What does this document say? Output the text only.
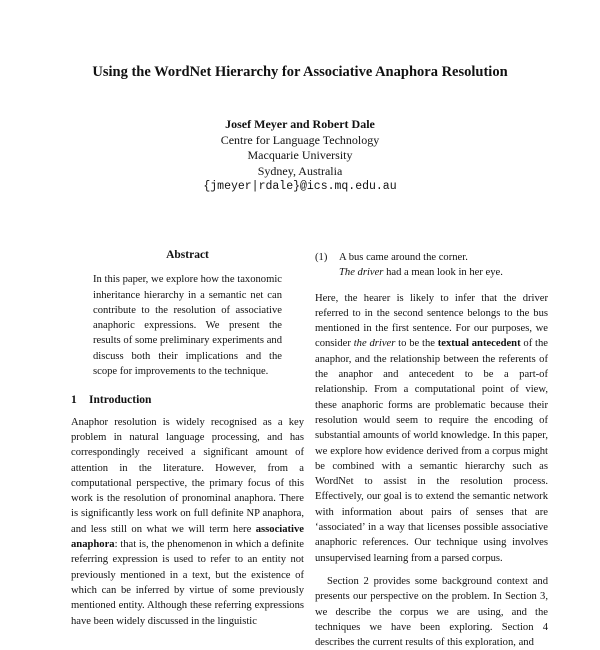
Using the WordNet Hierarchy for Associative Anaphora Resolution
Josef Meyer and Robert Dale
Centre for Language Technology
Macquarie University
Sydney, Australia
{jmeyer|rdale}@ics.mq.edu.au
Abstract

In this paper, we explore how the taxonomic inheritance hierarchy in a semantic net can contribute to the resolution of associative anaphoric expressions. We present the results of some preliminary experiments and discuss both their implications and the scope for improvements to the technique.

1 Introduction

Anaphor resolution is widely recognised as a key problem in natural language processing, and has correspondingly received a significant amount of attention in the literature. However, from a computational perspective, the primary focus of this work is the resolution of pronominal anaphora. There is significantly less work on full definite NP anaphora, and less still on what we will term here associative anaphora: that is, the phenomenon in which a definite referring expression is used to refer to an entity not previously mentioned in a text, but the existence of which can be inferred by virtue of some previously mentioned entity. Although these referring expressions have been widely discussed in the linguistic

(1)	A bus came around the corner.
The driver had a mean look in her eye.

Here, the hearer is likely to infer that the driver referred to in the second sentence belongs to the bus mentioned in the first sentence. For our purposes, we consider the driver to be the textual antecedent of the anaphor, and the relationship between the referents of the anaphor and antecedent to be a part-of relationship. From a computational point of view, these anaphoric forms are problematic because their resolution would seem to require the encoding of substantial amounts of world knowledge. In this paper, we explore how evidence derived from a corpus might be combined with a semantic hierarchy such as WordNet to assist in the resolution process. Effectively, our goal is to extend the semantic network with information about pairs of senses that are ‘associated’ in a way that licenses possible associative anaphoric references. Our technique using involves unsupervised learning from a parsed corpus.

Section 2 provides some background context and presents our perspective on the problem. In Section 3, we describe the corpus we are using, and the techniques we have been exploring. Section 4 describes the current results of this exploration, and
